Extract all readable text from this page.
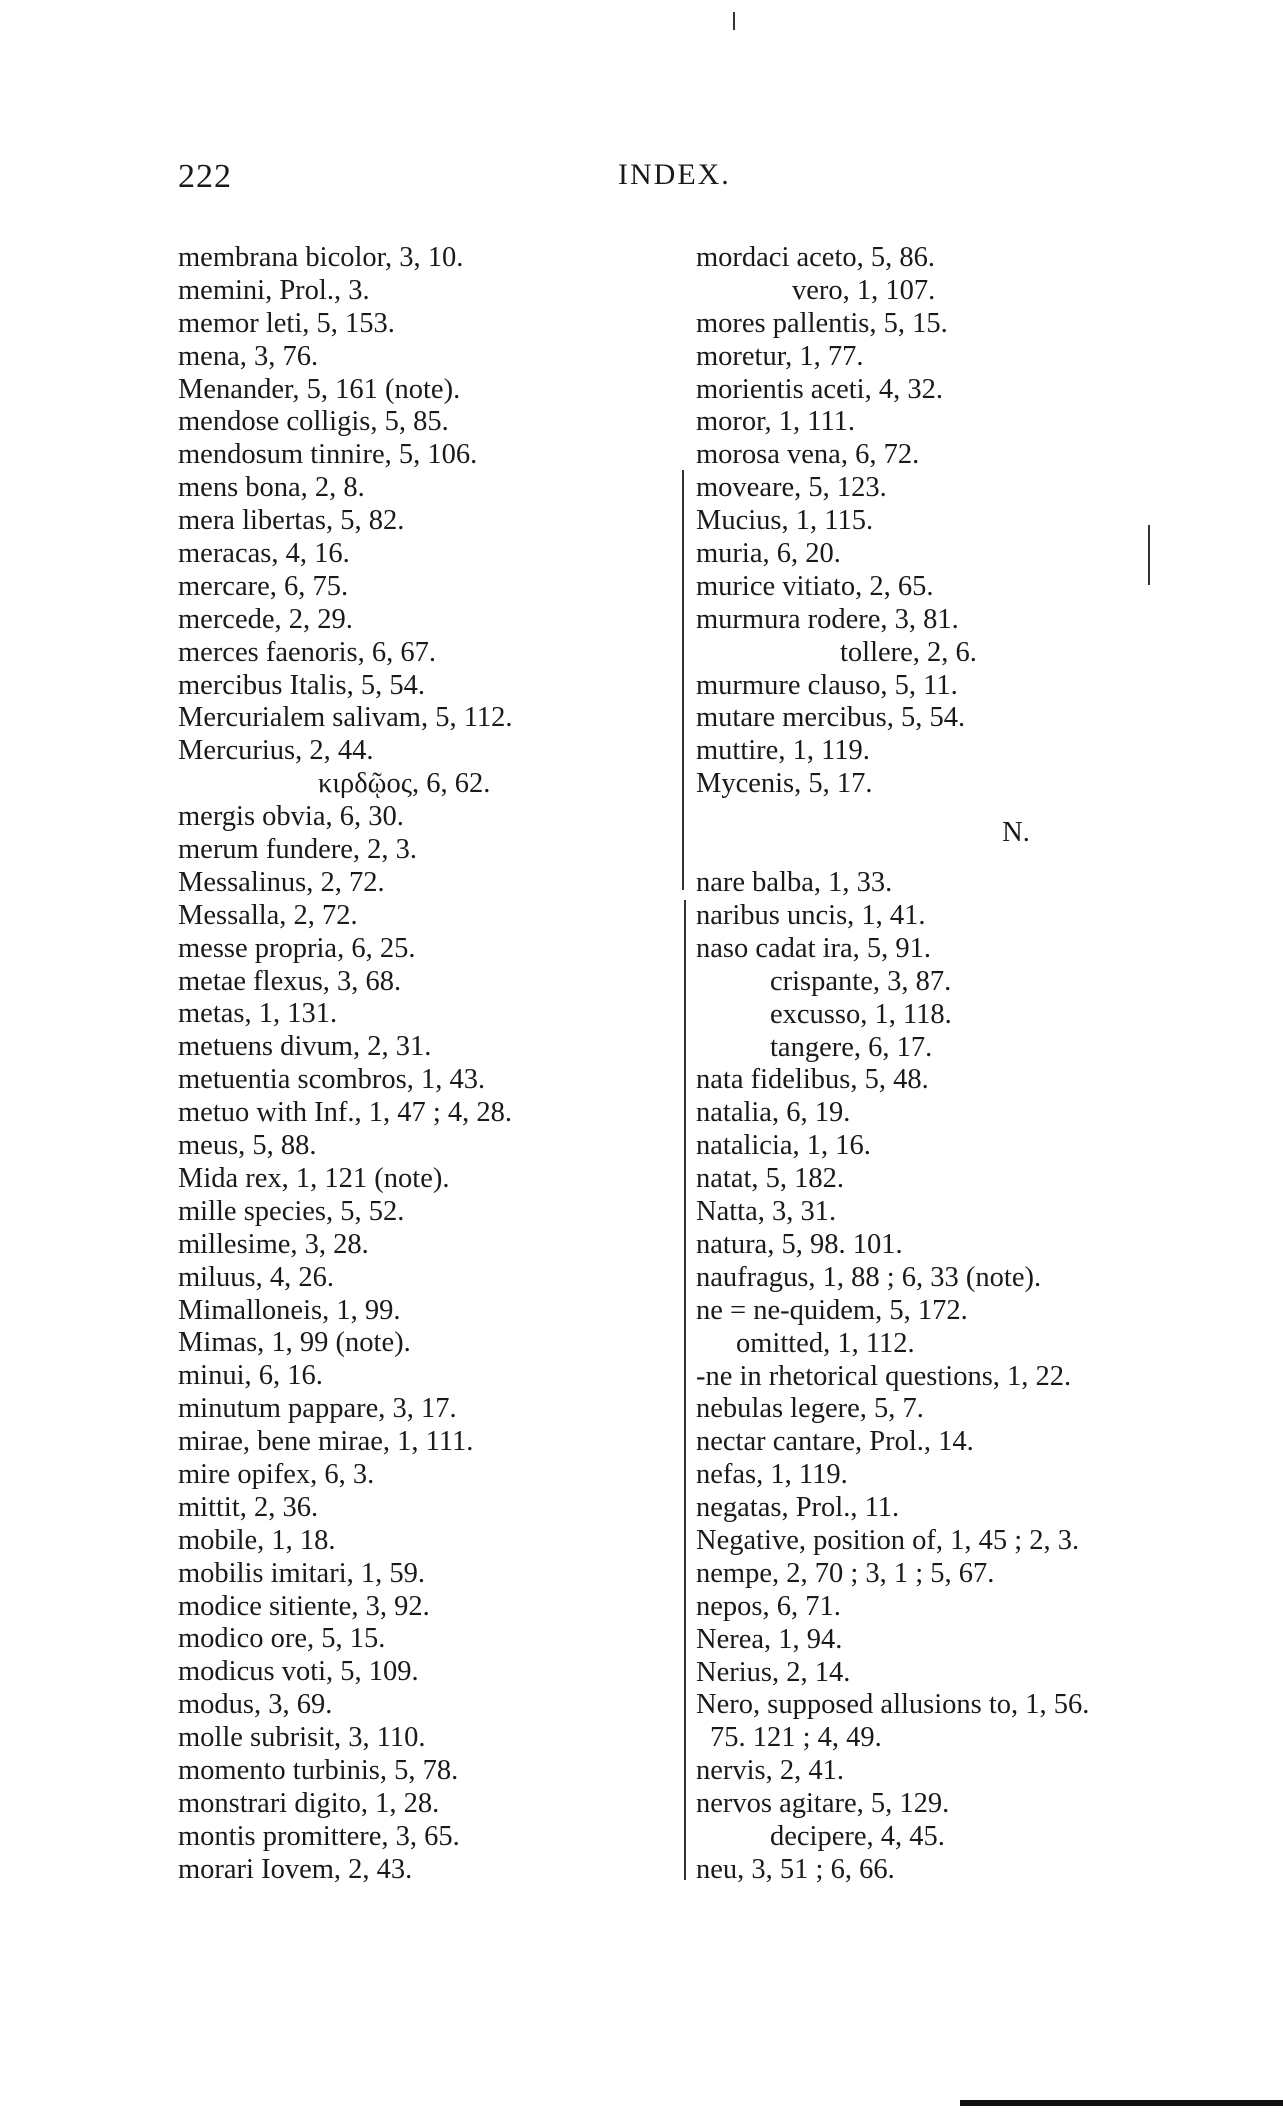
222	INDEX.
membrana bicolor, 3, 10.
memini, Prol., 3.
memor leti, 5, 153.
mena, 3, 76.
Menander, 5, 161 (note).
mendose colligis, 5, 85.
mendosum tinnire, 5, 106.
mens bona, 2, 8.
mera libertas, 5, 82.
meracas, 4, 16.
mercare, 6, 75.
mercede, 2, 29.
merces faenoris, 6, 67.
mercibus Italis, 5, 54.
Mercurialem salivam, 5, 112.
Mercurius, 2, 44.
κιρδῷος, 6, 62.
mergis obvia, 6, 30.
merum fundere, 2, 3.
Messalinus, 2, 72.
Messalla, 2, 72.
messe propria, 6, 25.
metae flexus, 3, 68.
metas, 1, 131.
metuens divum, 2, 31.
metuentia scombros, 1, 43.
metuo with Inf., 1, 47 ; 4, 28.
meus, 5, 88.
Mida rex, 1, 121 (note).
mille species, 5, 52.
millesime, 3, 28.
miluus, 4, 26.
Mimalloneis, 1, 99.
Mimas, 1, 99 (note).
minui, 6, 16.
minutum pappare, 3, 17.
mirae, bene mirae, 1, 111.
mire opifex, 6, 3.
mittit, 2, 36.
mobile, 1, 18.
mobilis imitari, 1, 59.
modice sitiente, 3, 92.
modico ore, 5, 15.
modicus voti, 5, 109.
modus, 3, 69.
molle subrisit, 3, 110.
momento turbinis, 5, 78.
monstrari digito, 1, 28.
montis promittere, 3, 65.
morari Iovem, 2, 43.
mordaci aceto, 5, 86.
vero, 1, 107.
mores pallentis, 5, 15.
moretur, 1, 77.
morientis aceti, 4, 32.
moror, 1, 111.
morosa vena, 6, 72.
moveare, 5, 123.
Mucius, 1, 115.
muria, 6, 20.
murice vitiato, 2, 65.
murmura rodere, 3, 81.
tollere, 2, 6.
murmure clauso, 5, 11.
mutare mercibus, 5, 54.
muttire, 1, 119.
Mycenis, 5, 17.
N.
nare balba, 1, 33.
naribus uncis, 1, 41.
naso cadat ira, 5, 91.
crispante, 3, 87.
excusso, 1, 118.
tangere, 6, 17.
nata fidelibus, 5, 48.
natalia, 6, 19.
natalicia, 1, 16.
natat, 5, 182.
Natta, 3, 31.
natura, 5, 98. 101.
naufragus, 1, 88 ; 6, 33 (note).
ne = ne-quidem, 5, 172.
omitted, 1, 112.
-ne in rhetorical questions, 1, 22.
nebulas legere, 5, 7.
nectar cantare, Prol., 14.
nefas, 1, 119.
negatas, Prol., 11.
Negative, position of, 1, 45 ; 2, 3.
nempe, 2, 70 ; 3, 1 ; 5, 67.
nepos, 6, 71.
Nerea, 1, 94.
Nerius, 2, 14.
Nero, supposed allusions to, 1, 56.
75. 121 ; 4, 49.
nervis, 2, 41.
nervos agitare, 5, 129.
decipere, 4, 45.
neu, 3, 51 ; 6, 66.
